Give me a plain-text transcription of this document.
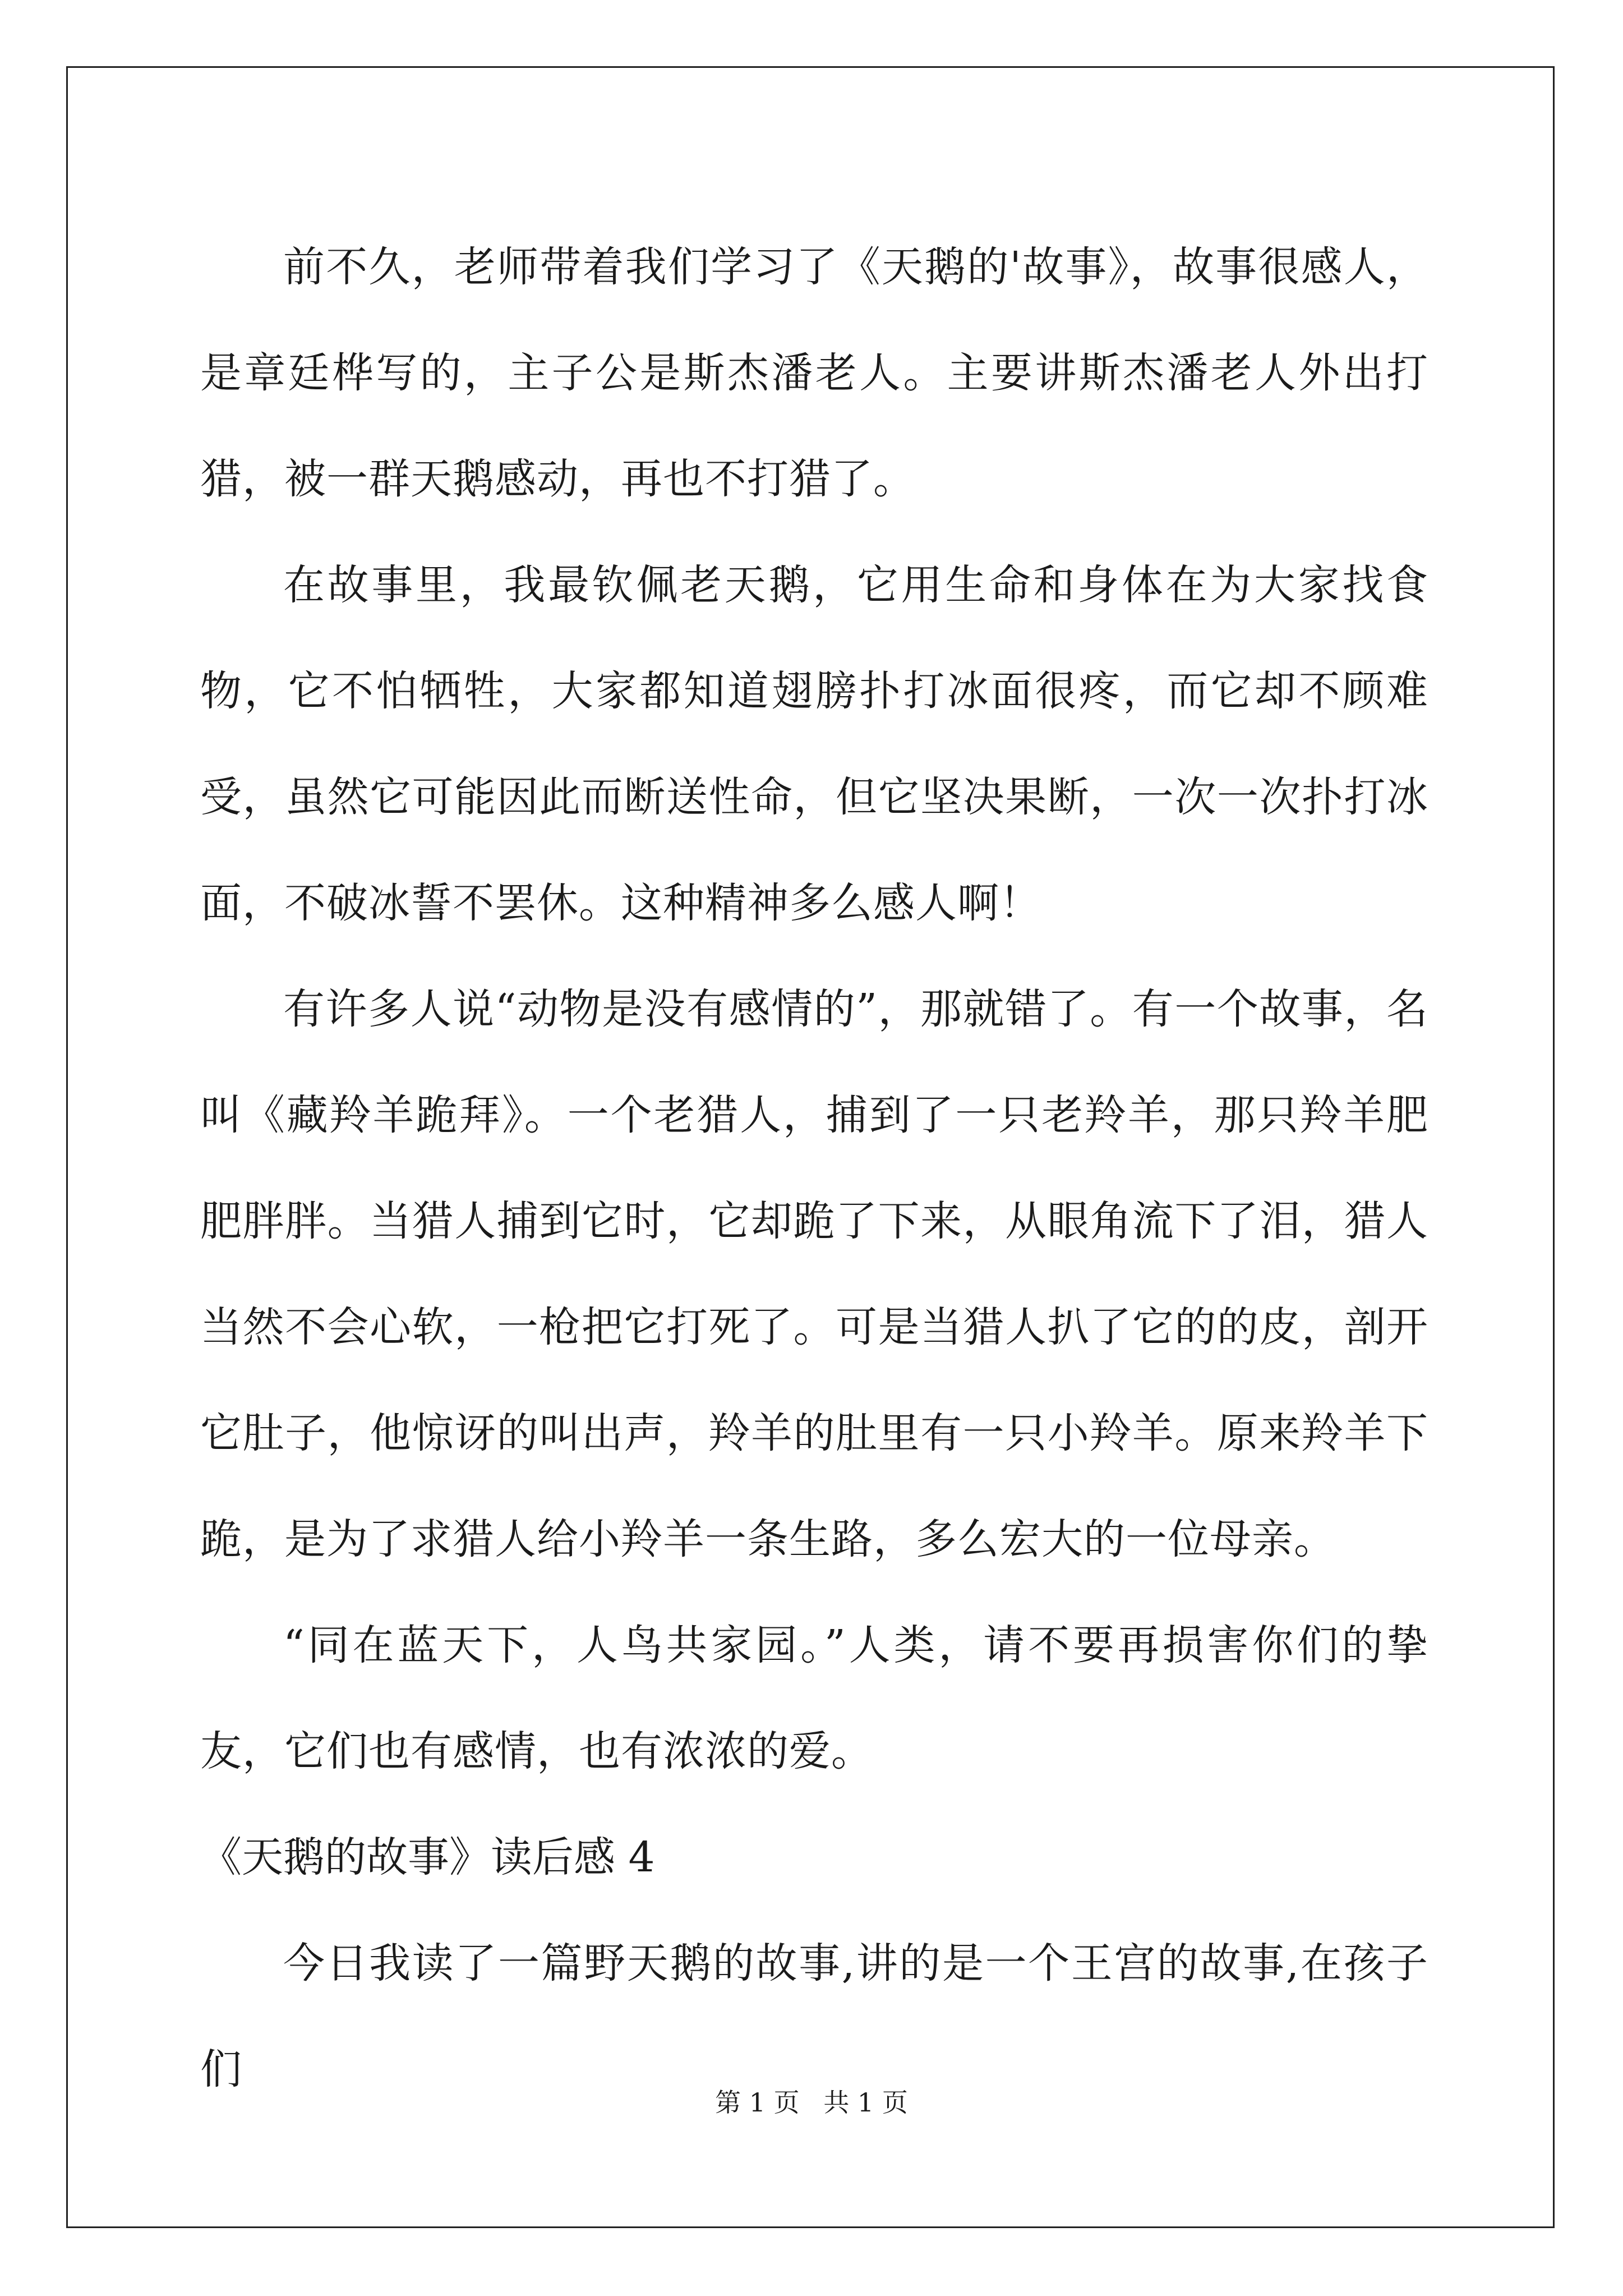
前不久，老师带着我们学习了《天鹅的'故事》，故事很感人，是章廷桦写的，主子公是斯杰潘老人。主要讲斯杰潘老人外出打猎，被一群天鹅感动，再也不打猎了。

在故事里，我最钦佩老天鹅，它用生命和身体在为大家找食物，它不怕牺牲，大家都知道翅膀扑打冰面很疼，而它却不顾难受，虽然它可能因此而断送性命，但它坚决果断，一次一次扑打冰面，不破冰誓不罢休。这种精神多么感人啊！

有许多人说“动物是没有感情的”，那就错了。有一个故事，名叫《藏羚羊跪拜》。一个老猎人，捕到了一只老羚羊，那只羚羊肥肥胖胖。当猎人捕到它时，它却跪了下来，从眼角流下了泪，猎人当然不会心软，一枪把它打死了。可是当猎人扒了它的的皮，剖开它肚子，他惊讶的叫出声，羚羊的肚里有一只小羚羊。原来羚羊下跪，是为了求猎人给小羚羊一条生路，多么宏大的一位母亲。

“同在蓝天下，人鸟共家园。”人类，请不要再损害你们的挚友，它们也有感情，也有浓浓的爱。

《天鹅的故事》读后感 4

今日我读了一篇野天鹅的故事,讲的是一个王宫的故事,在孩子们

第 1 页 共 1 页
